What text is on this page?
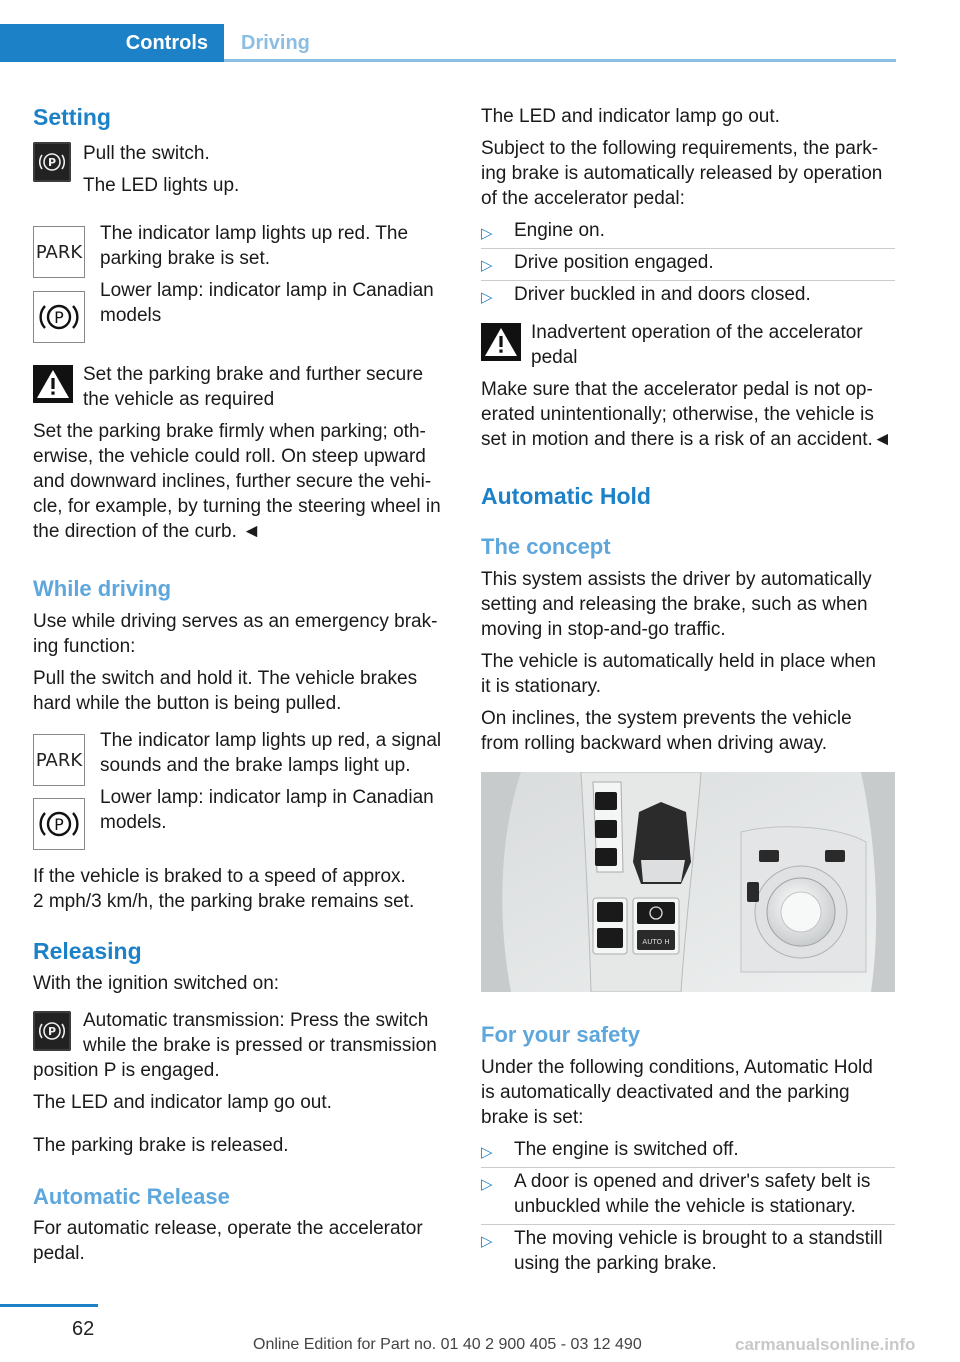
Controls Driving
Setting
P Pull the switch.

The LED lights up.

PARK

The indicator lamp lights up red. The

parking brake is set.

P

Lower lamp: indicator lamp in Canadian

models

Set the parking brake and further secure

the vehicle as required

Set the parking brake firmly when parking; oth‐

erwise, the vehicle could roll. On steep upward

and downward inclines, further secure the vehi‐

cle, for example, by turning the steering wheel in

the direction of the curb. ◄

While driving

Use while driving serves as an emergency brak‐

ing function:

Pull the switch and hold it. The vehicle brakes

hard while the button is being pulled.

PARK

The indicator lamp lights up red, a signal

sounds and the brake lamps light up.

P

Lower lamp: indicator lamp in Canadian

models.

If the vehicle is braked to a speed of approx.

2 mph/3 km/h, the parking brake remains set.

Releasing

With the ignition switched on:

P

Automatic transmission: Press the switch

while the brake is pressed or transmission

position P is engaged.

The LED and indicator lamp go out.

The parking brake is released.

Automatic Release

For automatic release, operate the accelerator

pedal.

The LED and indicator lamp go out.

Subject to the following requirements, the park‐

ing brake is automatically released by operation

of the accelerator pedal:

▷ Engine on.

▷ Drive position engaged.

▷ Driver buckled in and doors closed.

Inadvertent operation of the accelerator

pedal

Make sure that the accelerator pedal is not op‐

erated unintentionally; otherwise, the vehicle is

set in motion and there is a risk of an accident.◄

Automatic Hold
The concept

This system assists the driver by automatically

setting and releasing the brake, such as when

moving in stop-and-go traffic.

The vehicle is automatically held in place when

it is stationary.

On inclines, the system prevents the vehicle

from rolling backward when driving away.

AUTO H
For your safety

Under the following conditions, Automatic Hold

is automatically deactivated and the parking

brake is set:

▷ The engine is switched off.

▷ A door is opened and driver's safety belt is

unbuckled while the vehicle is stationary.

▷ The moving vehicle is brought to a standstill

using the parking brake.

62
Online Edition for Part no. 01 40 2 900 405 - 03 12 490	carmanualsonline.info
